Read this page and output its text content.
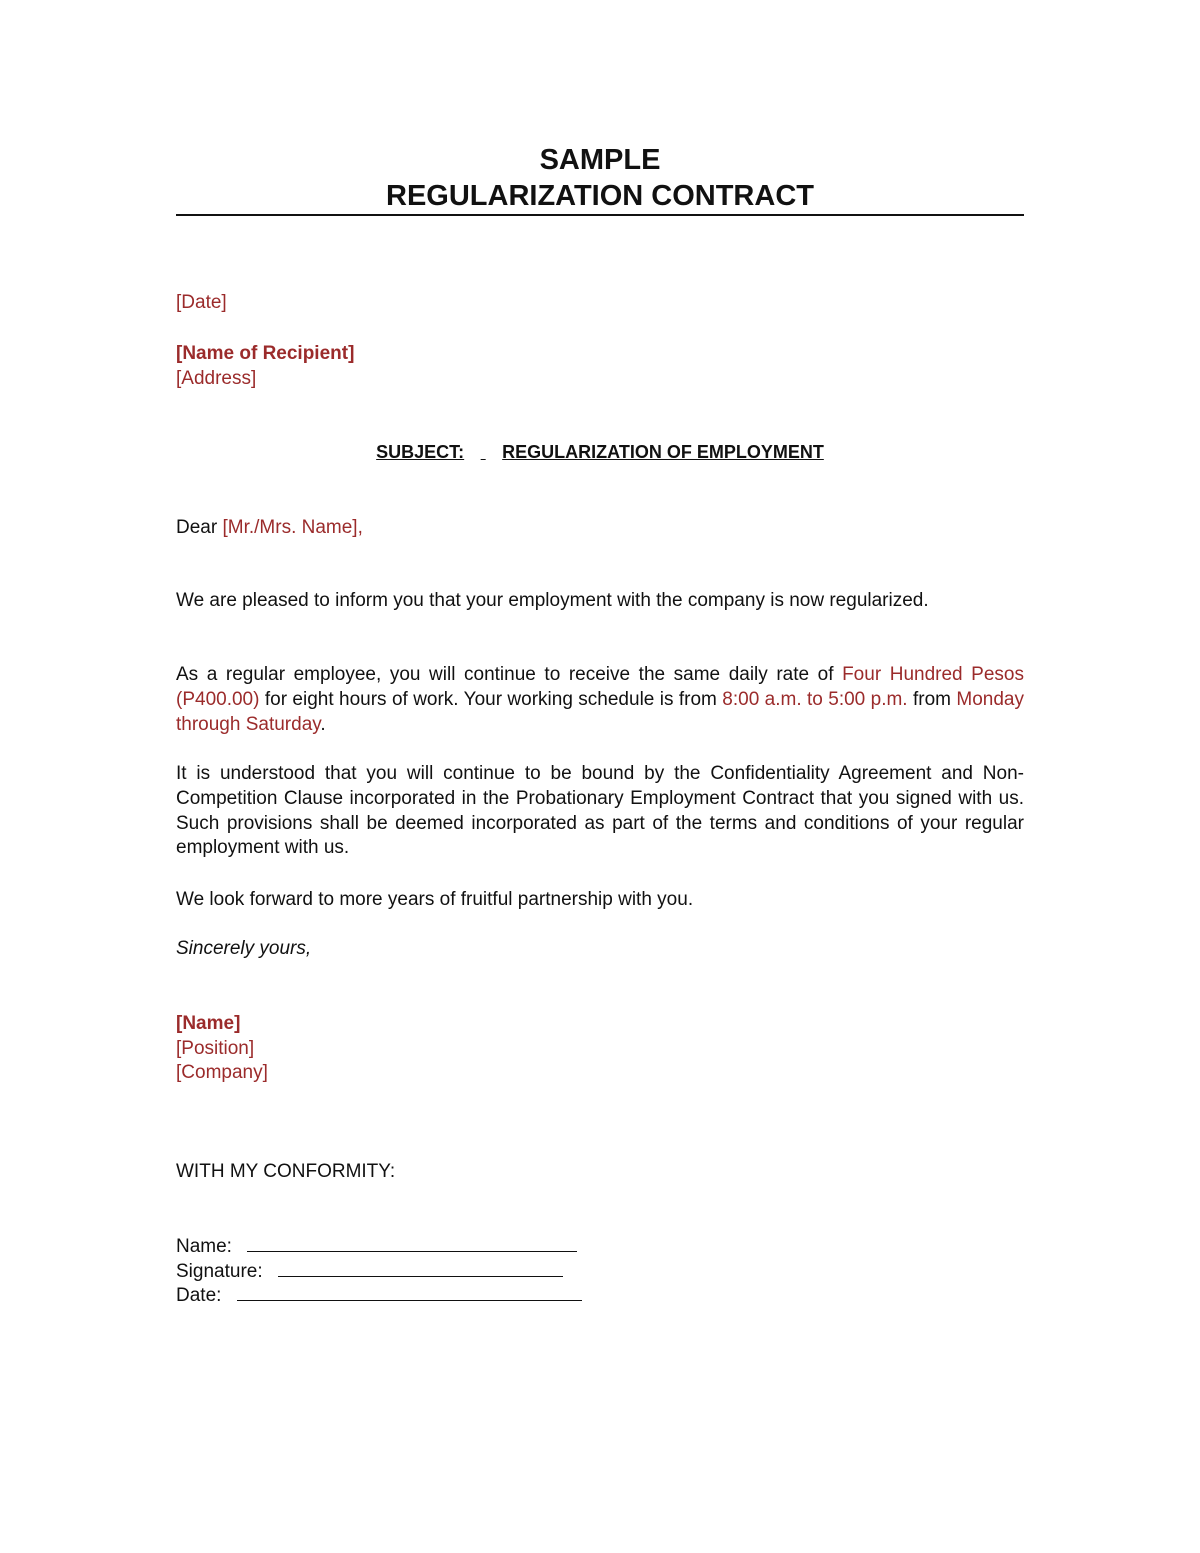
SAMPLE
REGULARIZATION CONTRACT
[Date]
[Name of Recipient]
[Address]
SUBJECT: REGULARIZATION OF EMPLOYMENT
Dear [Mr./Mrs. Name],
We are pleased to inform you that your employment with the company is now regularized.
As a regular employee, you will continue to receive the same daily rate of Four Hundred Pesos (P400.00) for eight hours of work. Your working schedule is from 8:00 a.m. to 5:00 p.m. from Monday through Saturday.
It is understood that you will continue to be bound by the Confidentiality Agreement and Non-Competition Clause incorporated in the Probationary Employment Contract that you signed with us. Such provisions shall be deemed incorporated as part of the terms and conditions of your regular employment with us.
We look forward to more years of fruitful partnership with you.
Sincerely yours,
[Name]
[Position]
[Company]
WITH MY CONFORMITY:
Name:
Signature:
Date:
